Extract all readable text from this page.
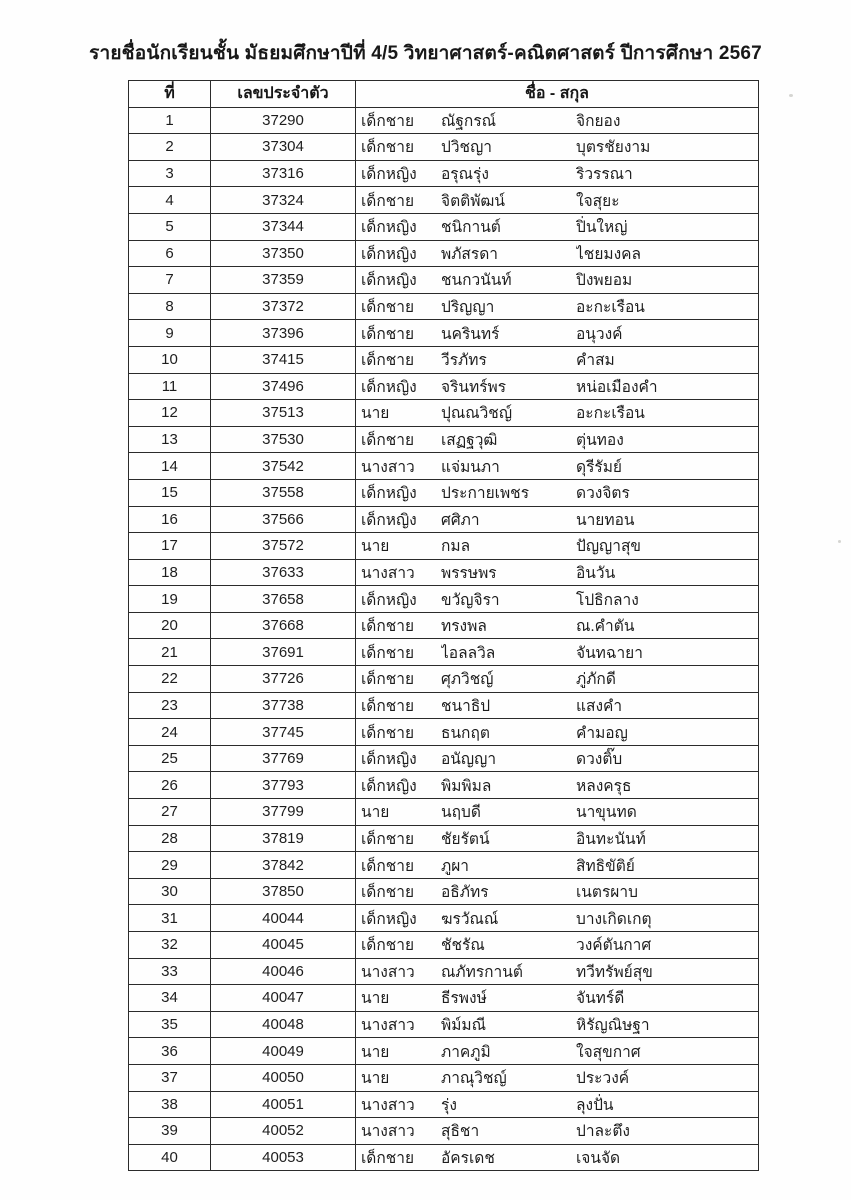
รายชื่อนักเรียนชั้น มัธยมศึกษาปีที่ 4/5 วิทยาศาสตร์-คณิตศาสตร์ ปีการศึกษา 2567
ที่	เลขประจำตัว	ชื่อ - สกุล
1	37290	เด็กชาย ณัฐกรณ์ จิกยอง

2	37304	เด็กชาย ปวิชญา บุตรชัยงาม

3	37316	เด็กหญิง อรุณรุ่ง ริวรรณา

4	37324	เด็กชาย จิตติพัฒน์ ใจสุยะ

5	37344	เด็กหญิง ชนิกานต์ ปิ่นใหญ่

6	37350	เด็กหญิง พภัสรดา ไชยมงคล

7	37359	เด็กหญิง ชนกวนันท์ ปิงพยอม

8	37372	เด็กชาย ปริญญา อะกะเรือน

9	37396	เด็กชาย นครินทร์ อนุวงค์

10	37415	เด็กชาย วีรภัทร คำสม

11	37496	เด็กหญิง จรินทร์พร หน่อเมืองคำ

12	37513	นาย ปุณณวิชญ์ อะกะเรือน

13	37530	เด็กชาย เสฏฐวุฒิ ตุ่นทอง

14	37542	นางสาว แจ่มนภา ดุรีรัมย์

15	37558	เด็กหญิง ประกายเพชร ดวงจิตร

16	37566	เด็กหญิง ศศิภา นายทอน

17	37572	นาย กมล ปัญญาสุข

18	37633	นางสาว พรรษพร อินวัน

19	37658	เด็กหญิง ขวัญจิรา โปธิกลาง

20	37668	เด็กชาย ทรงพล ณ.คำตัน

21	37691	เด็กชาย ไอลลวิล จันทฉายา

22	37726	เด็กชาย ศุภวิชญ์ ภู่ภักดี

23	37738	เด็กชาย ชนาธิป แสงคำ

24	37745	เด็กชาย ธนกฤต คำมอญ

25	37769	เด็กหญิง อนัญญา ดวงติ๊บ

26	37793	เด็กหญิง พิมพิมล หลงครุธ

27	37799	นาย นฤบดี นาขุนทด

28	37819	เด็กชาย ชัยรัตน์ อินทะนันท์

29	37842	เด็กชาย ภูผา สิทธิขัติย์

30	37850	เด็กชาย อธิภัทร เนตรผาบ

31	40044	เด็กหญิง ฆรวัณณ์ บางเกิดเกตุ

32	40045	เด็กชาย ชัชรัณ วงค์ตันกาศ

33	40046	นางสาว ณภัทรกานต์ ทวีทรัพย์สุข

34	40047	นาย ธีรพงษ์ จันทร์ดี

35	40048	นางสาว พิม์มณี หิรัญณิษฐา

36	40049	นาย ภาคภูมิ ใจสุขกาศ

37	40050	นาย ภาณุวิชญ์ ประวงค์

38	40051	นางสาว รุ่ง ลุงปั่น

39	40052	นางสาว สุธิชา ปาละตึง

40	40053	เด็กชาย อัครเดช เจนจัด
